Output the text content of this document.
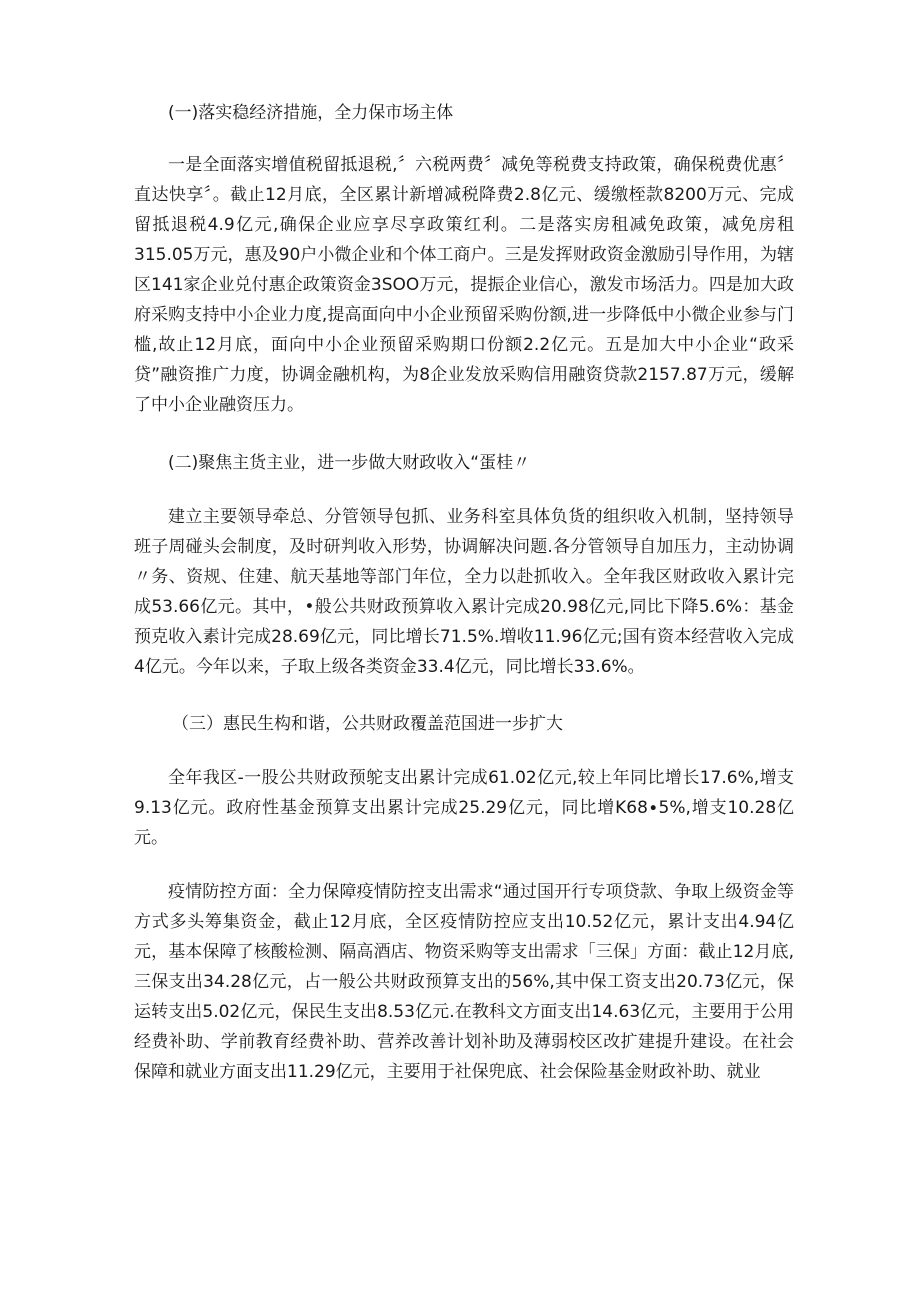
(一)落实稳经济措施，全力保市场主体

一是全面落实增值税留抵退税,〞六税两费〞减免等税费支持政策，确保税费优惠〞直达快享〞。截止12月底，全区累计新增减税降费2.8亿元、缓缴桎款8200万元、完成留抵退税4.9亿元,确保企业应享尽享政策红利。二是落实房租减免政策，减免房租315.05万元，惠及90户小微企业和个体工商户。三是发挥财政资金激励引导作用，为辖区141家企业兑付惠企政策资金3SOO万元，提振企业信心，激发市场活力。四是加大政府采购支持中小企业力度,提高面向中小企业预留采购份额,进一步降低中小微企业参与门槛,故止12月底，面向中小企业预留采购期口份额2.2亿元。五是加大中小企业“政采贷”融资推广力度，协调金融机构，为8企业发放采购信用融资贷款2157.87万元，缓解了中小企业融资压力。

(二)聚焦主货主业，进一步做大财政收入“蛋桂〃

建立主要领导牵总、分管领导包抓、业务科室具体负货的组织收入机制，坚持领导班子周碰头会制度，及时研判收入形势，协调解决问题.各分管领导自加压力，主动协调〃务、资规、住建、航天基地等部门年位，全力以赴抓收入。全年我区财政收入累计完成53.66亿元。其中，•般公共财政预算收入累计完成20.98亿元,同比下降5.6%：基金预克收入素计完成28.69亿元，同比增长71.5%.増收11.96亿元;国有资本经营收入完成4亿元。今年以来，子取上级各类资金33.4亿元，同比增长33.6%。

（三）惠民生构和谐，公共财政覆盖范国进一步扩大

全年我区-一股公共财政预鸵支出累计完成61.02亿元,较上年同比增长17.6%,增支9.13亿元。政府性基金预算支出累计完成25.29亿元，同比增K68∙5%,增支10.28亿元。

疫情防控方面：全力保障疫情防控支出需求“通过国开行专项贷款、争取上级资金等方式多头筹集资金，截止12月底，全区疫情防控应支出10.52亿元，累计支出4.94亿元，基本保障了核酸检测、隔高酒店、物资采购等支出需求「三保」方面：截止12月底,三保支出34.28亿元，占一般公共财政预算支出的56%,其中保工资支出20.73亿元，保运转支出5.02亿元，保民生支出8.53亿元.在教科文方面支出14.63亿元，主要用于公用经费补助、学前教育经费补助、营养改善计划补助及薄弱校区改扩建提升建设。在社会保障和就业方面支出11.29亿元，主要用于社保兜底、社会保险基金财政补助、就业
